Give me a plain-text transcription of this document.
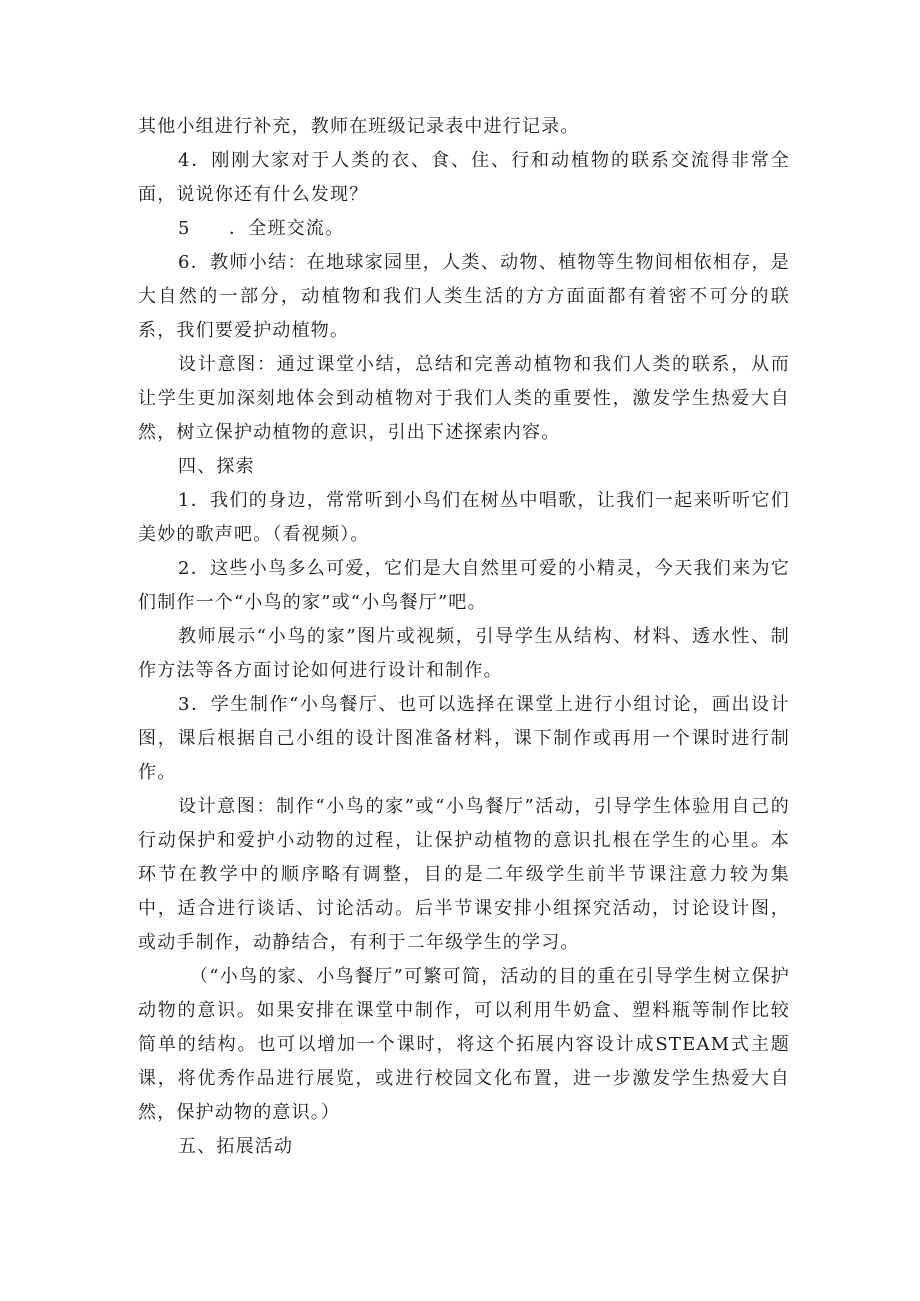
其他小组进行补充，教师在班级记录表中进行记录。

4．刚刚大家对于人类的衣、食、住、行和动植物的联系交流得非常全面，说说你还有什么发现？

5　　．全班交流。

6．教师小结：在地球家园里，人类、动物、植物等生物间相依相存，是大自然的一部分，动植物和我们人类生活的方方面面都有着密不可分的联系，我们要爱护动植物。

设计意图：通过课堂小结，总结和完善动植物和我们人类的联系，从而让学生更加深刻地体会到动植物对于我们人类的重要性，激发学生热爱大自然，树立保护动植物的意识，引出下述探索内容。

四、探索

1．我们的身边，常常听到小鸟们在树丛中唱歌，让我们一起来听听它们美妙的歌声吧。（看视频）。

2．这些小鸟多么可爱，它们是大自然里可爱的小精灵，今天我们来为它们制作一个“小鸟的家”或“小鸟餐厅”吧。

教师展示“小鸟的家”图片或视频，引导学生从结构、材料、透水性、制作方法等各方面讨论如何进行设计和制作。

3．学生制作“小鸟餐厅、也可以选择在课堂上进行小组讨论，画出设计图，课后根据自己小组的设计图准备材料，课下制作或再用一个课时进行制作。

设计意图：制作“小鸟的家”或“小鸟餐厅”活动，引导学生体验用自己的行动保护和爱护小动物的过程，让保护动植物的意识扎根在学生的心里。本环节在教学中的顺序略有调整，目的是二年级学生前半节课注意力较为集中，适合进行谈话、讨论活动。后半节课安排小组探究活动，讨论设计图，或动手制作，动静结合，有利于二年级学生的学习。

（“小鸟的家、小鸟餐厅”可繁可简，活动的目的重在引导学生树立保护动物的意识。如果安排在课堂中制作，可以利用牛奶盒、塑料瓶等制作比较简单的结构。也可以增加一个课时，将这个拓展内容设计成STEAM式主题课，将优秀作品进行展览，或进行校园文化布置，进一步激发学生热爱大自然，保护动物的意识。）

五、拓展活动
